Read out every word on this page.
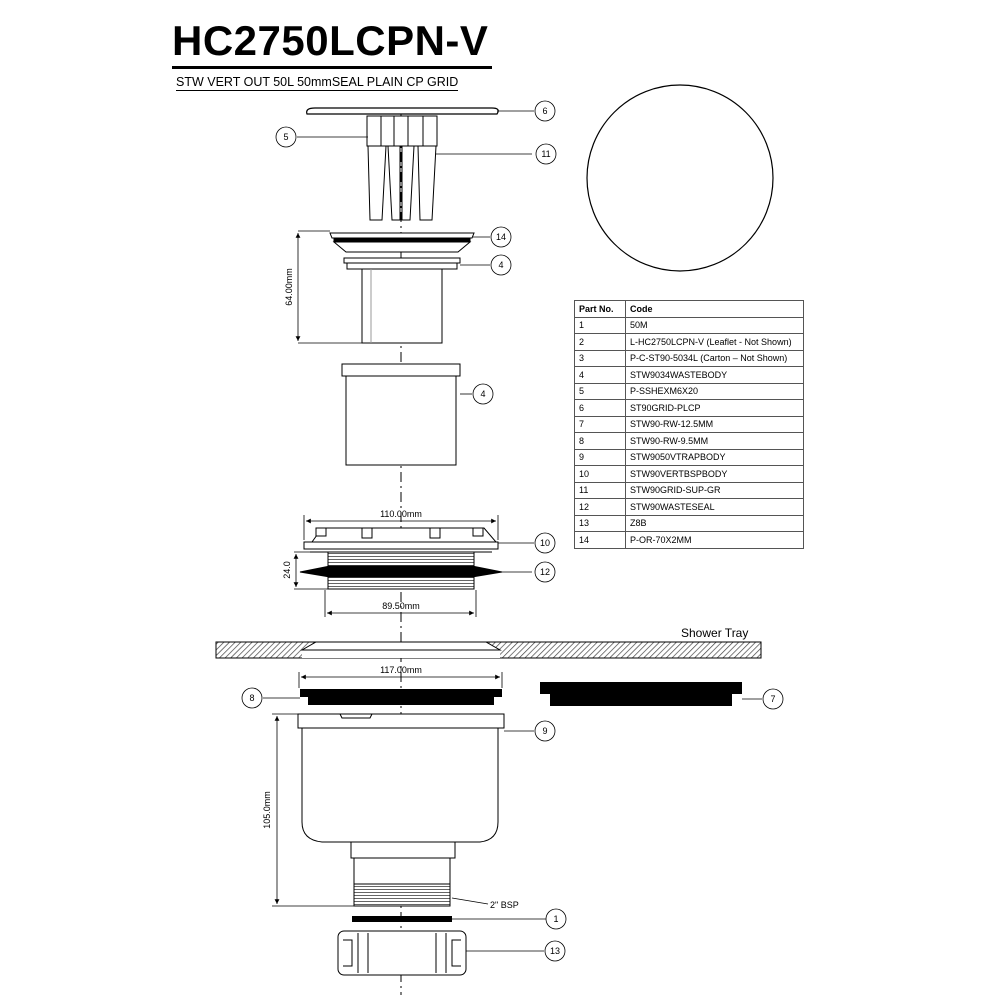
HC2750LCPN-V
STW VERT OUT 50L 50mmSEAL PLAIN CP GRID
64.00mm
110.00mm
24.0
89.50mm
Shower Tray
117.00mm
105.0mm
2" BSP
6
5
11
14
4
4
10
12
8	7
9
1
13
Part No.	Code
1	50M
2	L-HC2750LCPN-V (Leaflet - Not Shown)
3	P-C-ST90-5034L (Carton – Not Shown)
4	STW9034WASTEBODY
5	P-SSHEXM6X20
6	ST90GRID-PLCP
7	STW90-RW-12.5MM
8	STW90-RW-9.5MM
9	STW9050VTRAPBODY
10	STW90VERTBSPBODY
11	STW90GRID-SUP-GR
12	STW90WASTESEAL
13	Z8B
14	P-OR-70X2MM
